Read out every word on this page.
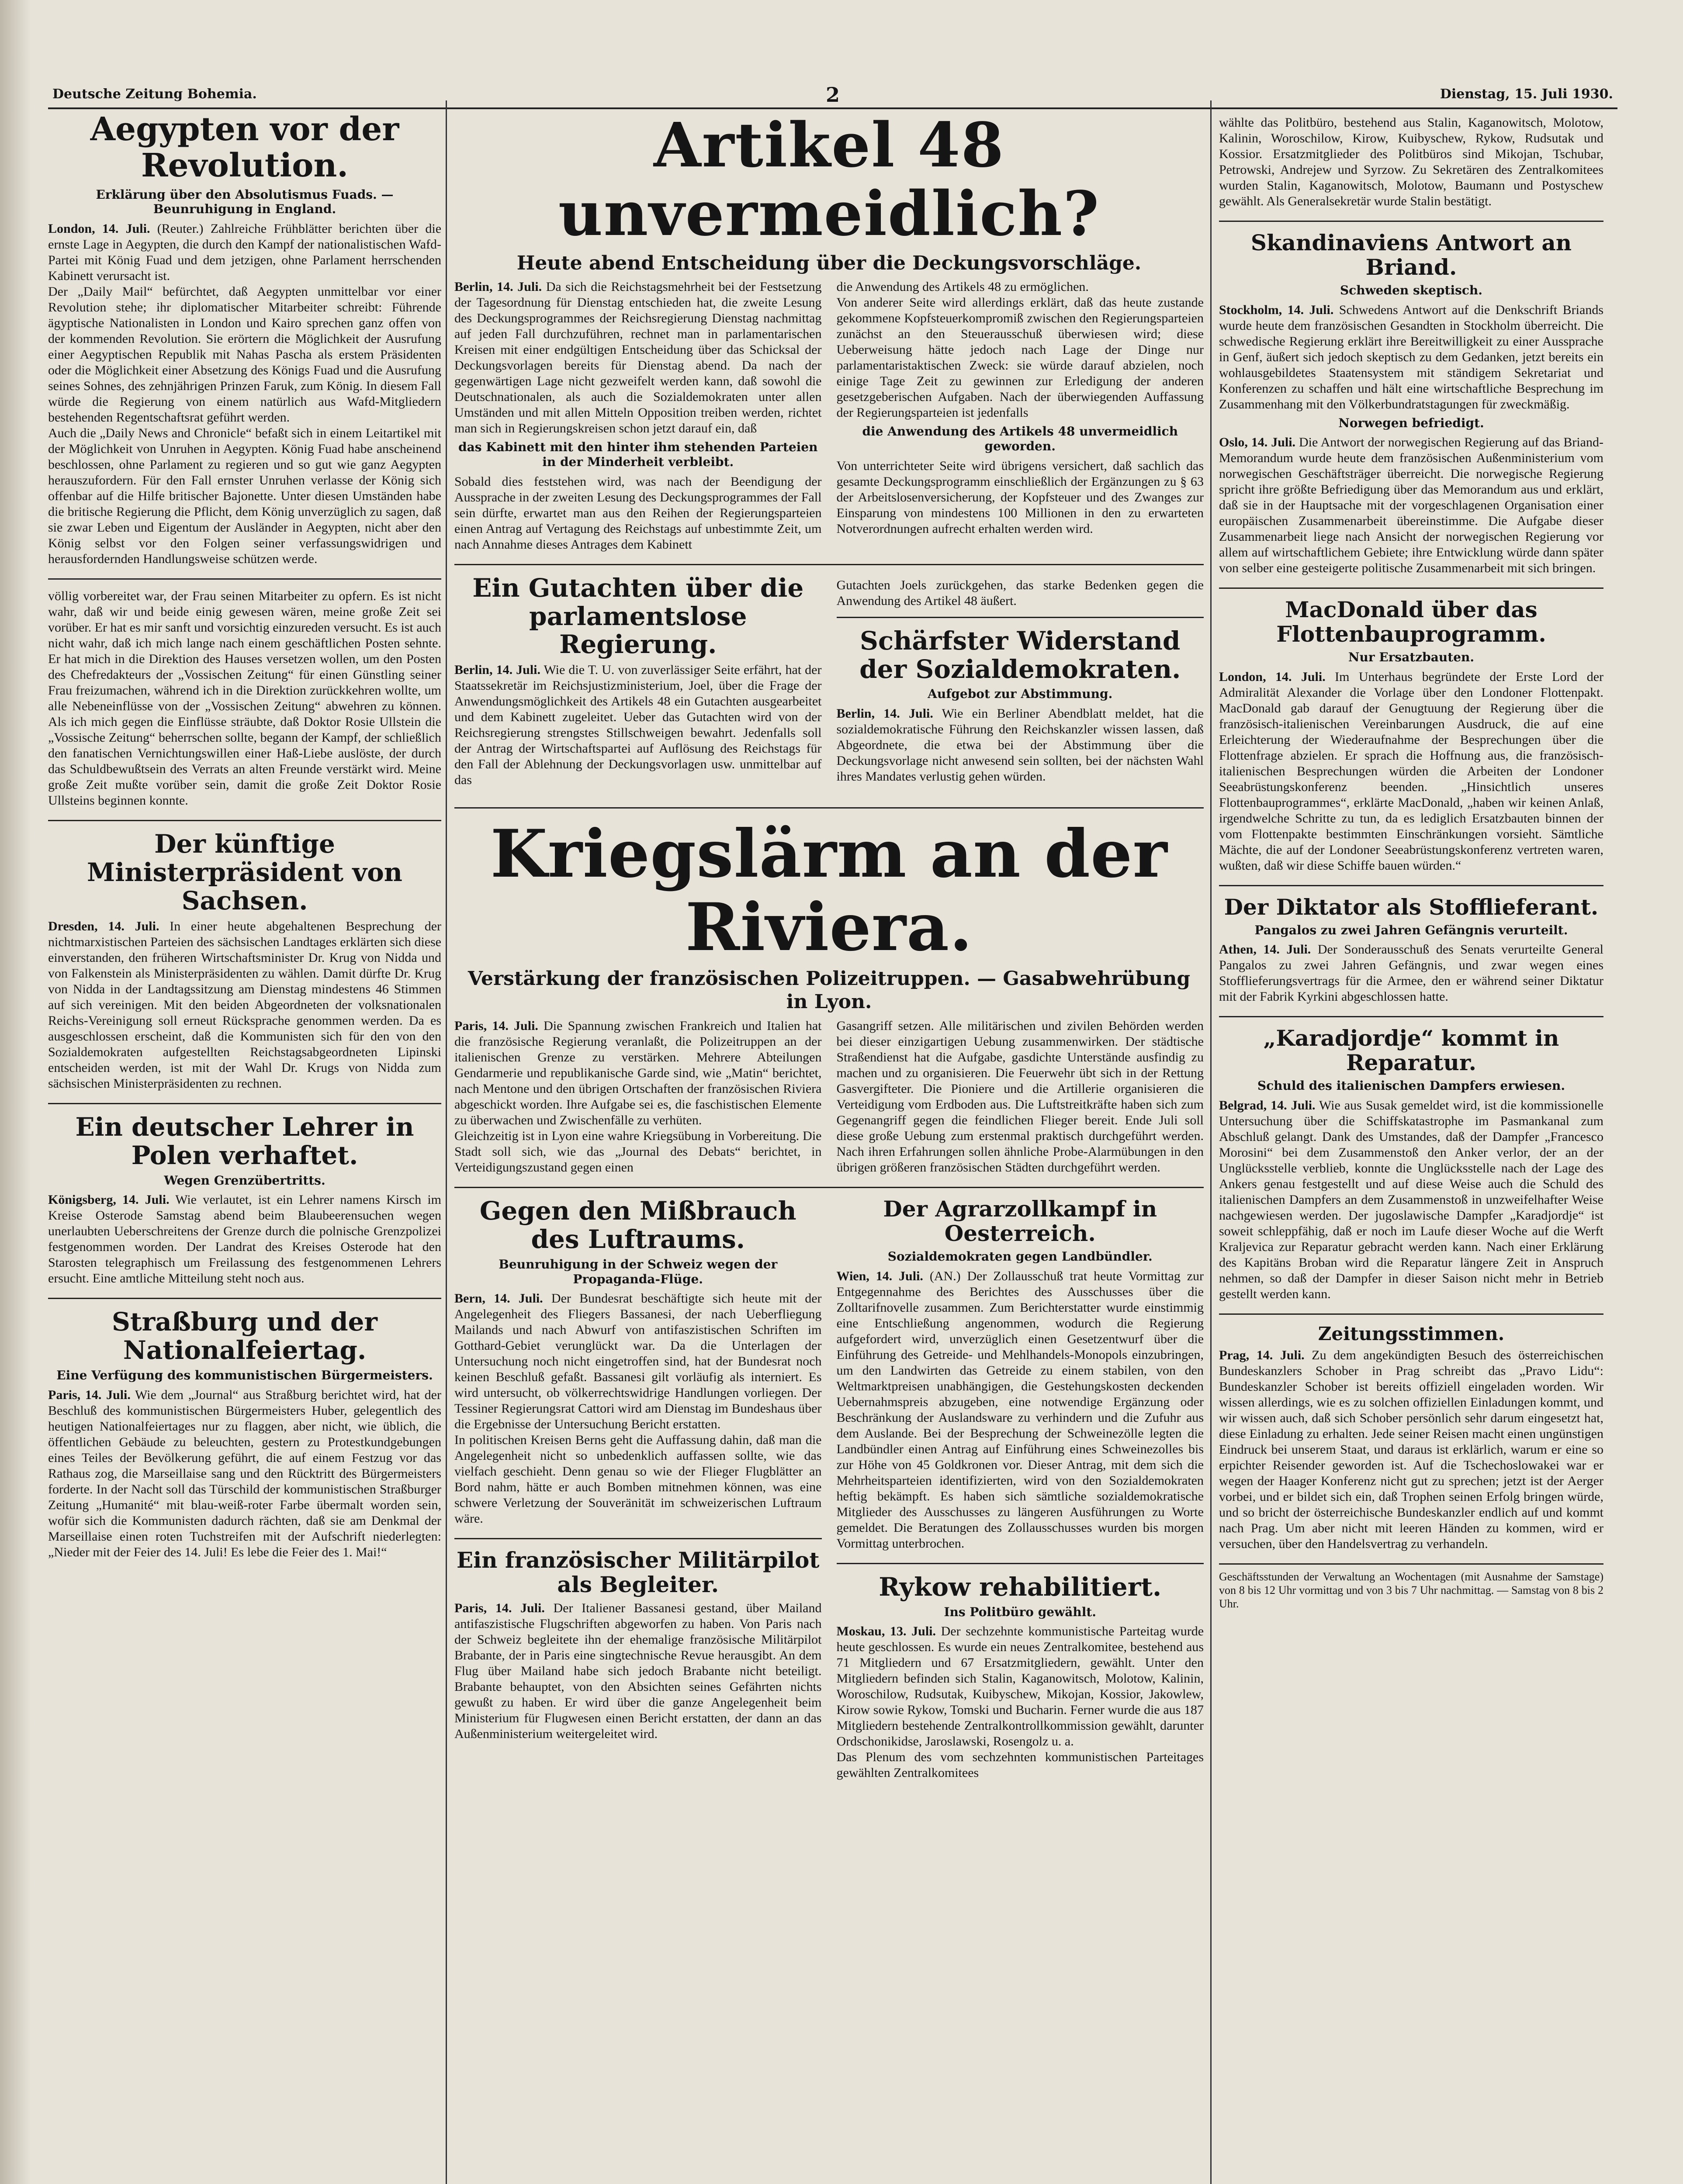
Deutsche Zeitung Bohemia.	2	Dienstag, 15. Juli 1930.
Aegypten vor der Revolution.
Erklärung über den Absolutismus Fuads. — Beunruhigung in England.

London, 14. Juli. (Reuter.) Zahlreiche Frühblätter berichten über die ernste Lage in Aegypten, die durch den Kampf der nationalistischen Wafd-Partei mit König Fuad und dem jetzigen, ohne Parlament herrschenden Kabinett verursacht ist.

Der „Daily Mail“ befürchtet, daß Aegypten unmittelbar vor einer Revolution stehe; ihr diplomatischer Mitarbeiter schreibt: Führende ägyptische Nationalisten in London und Kairo sprechen ganz offen von der kommenden Revolution. Sie erörtern die Möglichkeit der Ausrufung einer Aegyptischen Republik mit Nahas Pascha als erstem Präsidenten oder die Möglichkeit einer Absetzung des Königs Fuad und die Ausrufung seines Sohnes, des zehnjährigen Prinzen Faruk, zum König. In diesem Fall würde die Regierung von einem natürlich aus Wafd-Mitgliedern bestehenden Regentschaftsrat geführt werden.

Auch die „Daily News and Chronicle“ befaßt sich in einem Leitartikel mit der Möglichkeit von Unruhen in Aegypten. König Fuad habe anscheinend beschlossen, ohne Parlament zu regieren und so gut wie ganz Aegypten herauszufordern. Für den Fall ernster Unruhen verlasse der König sich offenbar auf die Hilfe britischer Bajonette. Unter diesen Umständen habe die britische Regierung die Pflicht, dem König unverzüglich zu sagen, daß sie zwar Leben und Eigentum der Ausländer in Aegypten, nicht aber den König selbst vor den Folgen seiner verfassungswidrigen und herausfordernden Handlungsweise schützen werde.

völlig vorbereitet war, der Frau seinen Mitarbeiter zu opfern. Es ist nicht wahr, daß wir und beide einig gewesen wären, meine große Zeit sei vorüber. Er hat es mir sanft und vorsichtig einzureden versucht. Es ist auch nicht wahr, daß ich mich lange nach einem geschäftlichen Posten sehnte. Er hat mich in die Direktion des Hauses versetzen wollen, um den Posten des Chefredakteurs der „Vossischen Zeitung“ für einen Günstling seiner Frau freizumachen, während ich in die Direktion zurückkehren wollte, um alle Nebeneinflüsse von der „Vossischen Zeitung“ abwehren zu können. Als ich mich gegen die Einflüsse sträubte, daß Doktor Rosie Ullstein die „Vossische Zeitung“ beherrschen sollte, begann der Kampf, der schließlich den fanatischen Vernichtungswillen einer Haß-Liebe auslöste, der durch das Schuldbewußtsein des Verrats an alten Freunde verstärkt wird. Meine große Zeit mußte vorüber sein, damit die große Zeit Doktor Rosie Ullsteins beginnen konnte.

Der künftige Ministerpräsident von Sachsen.

Dresden, 14. Juli. In einer heute abgehaltenen Besprechung der nichtmarxistischen Parteien des sächsischen Landtages erklärten sich diese einverstanden, den früheren Wirtschaftsminister Dr. Krug von Nidda und von Falkenstein als Ministerpräsidenten zu wählen. Damit dürfte Dr. Krug von Nidda in der Landtagssitzung am Dienstag mindestens 46 Stimmen auf sich vereinigen. Mit den beiden Abgeordneten der volksnationalen Reichs-Vereinigung soll erneut Rücksprache genommen werden. Da es ausgeschlossen erscheint, daß die Kommunisten sich für den von den Sozialdemokraten aufgestellten Reichstagsabgeordneten Lipinski entscheiden werden, ist mit der Wahl Dr. Krugs von Nidda zum sächsischen Ministerpräsidenten zu rechnen.

Ein deutscher Lehrer in Polen verhaftet.
Wegen Grenzübertritts.

Königsberg, 14. Juli. Wie verlautet, ist ein Lehrer namens Kirsch im Kreise Osterode Samstag abend beim Blaubeerensuchen wegen unerlaubten Ueberschreitens der Grenze durch die polnische Grenzpolizei festgenommen worden. Der Landrat des Kreises Osterode hat den Starosten telegraphisch um Freilassung des festgenommenen Lehrers ersucht. Eine amtliche Mitteilung steht noch aus.

Straßburg und der Nationalfeiertag.
Eine Verfügung des kommunistischen Bürgermeisters.

Paris, 14. Juli. Wie dem „Journal“ aus Straßburg berichtet wird, hat der Beschluß des kommunistischen Bürgermeisters Huber, gelegentlich des heutigen Nationalfeiertages nur zu flaggen, aber nicht, wie üblich, die öffentlichen Gebäude zu beleuchten, gestern zu Protestkundgebungen eines Teiles der Bevölkerung geführt, die auf einem Festzug vor das Rathaus zog, die Marseillaise sang und den Rücktritt des Bürgermeisters forderte. In der Nacht soll das Türschild der kommunistischen Straßburger Zeitung „Humanité“ mit blau-weiß-roter Farbe übermalt worden sein, wofür sich die Kommunisten dadurch rächten, daß sie am Denkmal der Marseillaise einen roten Tuchstreifen mit der Aufschrift niederlegten: „Nieder mit der Feier des 14. Juli! Es lebe die Feier des 1. Mai!“

Artikel 48 unvermeidlich?
Heute abend Entscheidung über die Deckungsvorschläge.

Berlin, 14. Juli. Da sich die Reichstagsmehrheit bei der Festsetzung der Tagesordnung für Dienstag entschieden hat, die zweite Lesung des Deckungsprogrammes der Reichsregierung Dienstag nachmittag auf jeden Fall durchzuführen, rechnet man in parlamentarischen Kreisen mit einer endgültigen Entscheidung über das Schicksal der Deckungsvorlagen bereits für Dienstag abend. Da nach der gegenwärtigen Lage nicht gezweifelt werden kann, daß sowohl die Deutschnationalen, als auch die Sozialdemokraten unter allen Umständen und mit allen Mitteln Opposition treiben werden, richtet man sich in Regierungskreisen schon jetzt darauf ein, daß

das Kabinett mit den hinter ihm stehenden Parteien in der Minderheit verbleibt.

Sobald dies feststehen wird, was nach der Beendigung der Aussprache in der zweiten Lesung des Deckungsprogrammes der Fall sein dürfte, erwartet man aus den Reihen der Regierungsparteien einen Antrag auf Vertagung des Reichstags auf unbestimmte Zeit, um nach Annahme dieses Antrages dem Kabinett

die Anwendung des Artikels 48 zu ermöglichen.

Von anderer Seite wird allerdings erklärt, daß das heute zustande gekommene Kopfsteuerkompromiß zwischen den Regierungsparteien zunächst an den Steuerausschuß überwiesen wird; diese Ueberweisung hätte jedoch nach Lage der Dinge nur parlamentaristaktischen Zweck: sie würde darauf abzielen, noch einige Tage Zeit zu gewinnen zur Erledigung der anderen gesetzgeberischen Aufgaben. Nach der überwiegenden Auffassung der Regierungsparteien ist jedenfalls

die Anwendung des Artikels 48 unvermeidlich geworden.

Von unterrichteter Seite wird übrigens versichert, daß sachlich das gesamte Deckungsprogramm einschließlich der Ergänzungen zu § 63 der Arbeitslosenversicherung, der Kopfsteuer und des Zwanges zur Einsparung von mindestens 100 Millionen in den zu erwarteten Notverordnungen aufrecht erhalten werden wird.

Ein Gutachten über die parlamentslose Regierung.

Berlin, 14. Juli. Wie die T. U. von zuverlässiger Seite erfährt, hat der Staatssekretär im Reichsjustizministerium, Joel, über die Frage der Anwendungsmöglichkeit des Artikels 48 ein Gutachten ausgearbeitet und dem Kabinett zugeleitet. Ueber das Gutachten wird von der Reichsregierung strengstes Stillschweigen bewahrt. Jedenfalls soll der Antrag der Wirtschaftspartei auf Auflösung des Reichstags für den Fall der Ablehnung der Deckungsvorlagen usw. unmittelbar auf das

Gutachten Joels zurückgehen, das starke Bedenken gegen die Anwendung des Artikel 48 äußert.

Schärfster Widerstand der Sozialdemokraten.
Aufgebot zur Abstimmung.

Berlin, 14. Juli. Wie ein Berliner Abendblatt meldet, hat die sozialdemokratische Führung den Reichskanzler wissen lassen, daß Abgeordnete, die etwa bei der Abstimmung über die Deckungsvorlage nicht anwesend sein sollten, bei der nächsten Wahl ihres Mandates verlustig gehen würden.

Kriegslärm an der Riviera.
Verstärkung der französischen Polizeitruppen. — Gasabwehrübung in Lyon.

Paris, 14. Juli. Die Spannung zwischen Frankreich und Italien hat die französische Regierung veranlaßt, die Polizeitruppen an der italienischen Grenze zu verstärken. Mehrere Abteilungen Gendarmerie und republikanische Garde sind, wie „Matin“ berichtet, nach Mentone und den übrigen Ortschaften der französischen Riviera abgeschickt worden. Ihre Aufgabe sei es, die faschistischen Elemente zu überwachen und Zwischenfälle zu verhüten.

Gleichzeitig ist in Lyon eine wahre Kriegsübung in Vorbereitung. Die Stadt soll sich, wie das „Journal des Debats“ berichtet, in Verteidigungszustand gegen einen

Gasangriff setzen. Alle militärischen und zivilen Behörden werden bei dieser einzigartigen Uebung zusammenwirken. Der städtische Straßendienst hat die Aufgabe, gasdichte Unterstände ausfindig zu machen und zu organisieren. Die Feuerwehr übt sich in der Rettung Gasvergifteter. Die Pioniere und die Artillerie organisieren die Verteidigung vom Erdboden aus. Die Luftstreitkräfte haben sich zum Gegenangriff gegen die feindlichen Flieger bereit. Ende Juli soll diese große Uebung zum erstenmal praktisch durchgeführt werden. Nach ihren Erfahrungen sollen ähnliche Probe-Alarmübungen in den übrigen größeren französischen Städten durchgeführt werden.

Gegen den Mißbrauch des Luftraums.
Beunruhigung in der Schweiz wegen der Propaganda-Flüge.

Bern, 14. Juli. Der Bundesrat beschäftigte sich heute mit der Angelegenheit des Fliegers Bassanesi, der nach Ueberfliegung Mailands und nach Abwurf von antifaszistischen Schriften im Gotthard-Gebiet verunglückt war. Da die Unterlagen der Untersuchung noch nicht eingetroffen sind, hat der Bundesrat noch keinen Beschluß gefaßt. Bassanesi gilt vorläufig als interniert. Es wird untersucht, ob völkerrechtswidrige Handlungen vorliegen. Der Tessiner Regierungsrat Cattori wird am Dienstag im Bundeshaus über die Ergebnisse der Untersuchung Bericht erstatten.

In politischen Kreisen Berns geht die Auffassung dahin, daß man die Angelegenheit nicht so unbedenklich auffassen sollte, wie das vielfach geschieht. Denn genau so wie der Flieger Flugblätter an Bord nahm, hätte er auch Bomben mitnehmen können, was eine schwere Verletzung der Souveränität im schweizerischen Luftraum wäre.

Ein französischer Militärpilot als Begleiter.

Paris, 14. Juli. Der Italiener Bassanesi gestand, über Mailand antifaszistische Flugschriften abgeworfen zu haben. Von Paris nach der Schweiz begleitete ihn der ehemalige französische Militärpilot Brabante, der in Paris eine singtechnische Revue herausgibt. An dem Flug über Mailand habe sich jedoch Brabante nicht beteiligt. Brabante behauptet, von den Absichten seines Gefährten nichts gewußt zu haben. Er wird über die ganze Angelegenheit beim Ministerium für Flugwesen einen Bericht erstatten, der dann an das Außenministerium weitergeleitet wird.

Der Agrarzollkampf in Oesterreich.
Sozialdemokraten gegen Landbündler.

Wien, 14. Juli. (AN.) Der Zollausschuß trat heute Vormittag zur Entgegennahme des Berichtes des Ausschusses über die Zolltarifnovelle zusammen. Zum Berichterstatter wurde einstimmig eine Entschließung angenommen, wodurch die Regierung aufgefordert wird, unverzüglich einen Gesetzentwurf über die Einführung des Getreide- und Mehlhandels-Monopols einzubringen, um den Landwirten das Getreide zu einem stabilen, von den Weltmarktpreisen unabhängigen, die Gestehungskosten deckenden Uebernahmspreis abzugeben, eine notwendige Ergänzung oder Beschränkung der Auslandsware zu verhindern und die Zufuhr aus dem Auslande. Bei der Besprechung der Schweinezölle legten die Landbündler einen Antrag auf Einführung eines Schweinezolles bis zur Höhe von 45 Goldkronen vor. Dieser Antrag, mit dem sich die Mehrheitsparteien identifizierten, wird von den Sozialdemokraten heftig bekämpft. Es haben sich sämtliche sozialdemokratische Mitglieder des Ausschusses zu längeren Ausführungen zu Worte gemeldet. Die Beratungen des Zollausschusses wurden bis morgen Vormittag unterbrochen.

Rykow rehabilitiert.
Ins Politbüro gewählt.

Moskau, 13. Juli. Der sechzehnte kommunistische Parteitag wurde heute geschlossen. Es wurde ein neues Zentralkomitee, bestehend aus 71 Mitgliedern und 67 Ersatzmitgliedern, gewählt. Unter den Mitgliedern befinden sich Stalin, Kaganowitsch, Molotow, Kalinin, Woroschilow, Rudsutak, Kuibyschew, Mikojan, Kossior, Jakowlew, Kirow sowie Rykow, Tomski und Bucharin. Ferner wurde die aus 187 Mitgliedern bestehende Zentralkontrollkommission gewählt, darunter Ordschonikidse, Jaroslawski, Rosengolz u. a.

Das Plenum des vom sechzehnten kommunistischen Parteitages gewählten Zentralkomitees

wählte das Politbüro, bestehend aus Stalin, Kaganowitsch, Molotow, Kalinin, Woroschilow, Kirow, Kuibyschew, Rykow, Rudsutak und Kossior. Ersatzmitglieder des Politbüros sind Mikojan, Tschubar, Petrowski, Andrejew und Syrzow. Zu Sekretären des Zentralkomitees wurden Stalin, Kaganowitsch, Molotow, Baumann und Postyschew gewählt. Als Generalsekretär wurde Stalin bestätigt.

Skandinaviens Antwort an Briand.
Schweden skeptisch.

Stockholm, 14. Juli. Schwedens Antwort auf die Denkschrift Briands wurde heute dem französischen Gesandten in Stockholm überreicht. Die schwedische Regierung erklärt ihre Bereitwilligkeit zu einer Aussprache in Genf, äußert sich jedoch skeptisch zu dem Gedanken, jetzt bereits ein wohlausgebildetes Staatensystem mit ständigem Sekretariat und Konferenzen zu schaffen und hält eine wirtschaftliche Besprechung im Zusammenhang mit den Völkerbundratstagungen für zweckmäßig.

Norwegen befriedigt.

Oslo, 14. Juli. Die Antwort der norwegischen Regierung auf das Briand-Memorandum wurde heute dem französischen Außenministerium vom norwegischen Geschäftsträger überreicht. Die norwegische Regierung spricht ihre größte Befriedigung über das Memorandum aus und erklärt, daß sie in der Hauptsache mit der vorgeschlagenen Organisation einer europäischen Zusammenarbeit übereinstimme. Die Aufgabe dieser Zusammenarbeit liege nach Ansicht der norwegischen Regierung vor allem auf wirtschaftlichem Gebiete; ihre Entwicklung würde dann später von selber eine gesteigerte politische Zusammenarbeit mit sich bringen.

MacDonald über das Flottenbauprogramm.
Nur Ersatzbauten.

London, 14. Juli. Im Unterhaus begründete der Erste Lord der Admiralität Alexander die Vorlage über den Londoner Flottenpakt. MacDonald gab darauf der Genugtuung der Regierung über die französisch-italienischen Vereinbarungen Ausdruck, die auf eine Erleichterung der Wiederaufnahme der Besprechungen über die Flottenfrage abzielen. Er sprach die Hoffnung aus, die französisch-italienischen Besprechungen würden die Arbeiten der Londoner Seeabrüstungskonferenz beenden. „Hinsichtlich unseres Flottenbauprogrammes“, erklärte MacDonald, „haben wir keinen Anlaß, irgendwelche Schritte zu tun, da es lediglich Ersatzbauten binnen der vom Flottenpakte bestimmten Einschränkungen vorsieht. Sämtliche Mächte, die auf der Londoner Seeabrüstungskonferenz vertreten waren, wußten, daß wir diese Schiffe bauen würden.“

Der Diktator als Stofflieferant.
Pangalos zu zwei Jahren Gefängnis verurteilt.

Athen, 14. Juli. Der Sonderausschuß des Senats verurteilte General Pangalos zu zwei Jahren Gefängnis, und zwar wegen eines Stofflieferungsvertrags für die Armee, den er während seiner Diktatur mit der Fabrik Kyrkini abgeschlossen hatte.

„Karadjordje“ kommt in Reparatur.
Schuld des italienischen Dampfers erwiesen.

Belgrad, 14. Juli. Wie aus Susak gemeldet wird, ist die kommissionelle Untersuchung über die Schiffskatastrophe im Pasmankanal zum Abschluß gelangt. Dank des Umstandes, daß der Dampfer „Francesco Morosini“ bei dem Zusammenstoß den Anker verlor, der an der Unglücksstelle verblieb, konnte die Unglücksstelle nach der Lage des Ankers genau festgestellt und auf diese Weise auch die Schuld des italienischen Dampfers an dem Zusammenstoß in unzweifelhafter Weise nachgewiesen werden. Der jugoslawische Dampfer „Karadjordje“ ist soweit schleppfähig, daß er noch im Laufe dieser Woche auf die Werft Kraljevica zur Reparatur gebracht werden kann. Nach einer Erklärung des Kapitäns Broban wird die Reparatur längere Zeit in Anspruch nehmen, so daß der Dampfer in dieser Saison nicht mehr in Betrieb gestellt werden kann.

Zeitungsstimmen.

Prag, 14. Juli. Zu dem angekündigten Besuch des österreichischen Bundeskanzlers Schober in Prag schreibt das „Pravo Lidu“: Bundeskanzler Schober ist bereits offiziell eingeladen worden. Wir wissen allerdings, wie es zu solchen offiziellen Einladungen kommt, und wir wissen auch, daß sich Schober persönlich sehr darum eingesetzt hat, diese Einladung zu erhalten. Jede seiner Reisen macht einen ungünstigen Eindruck bei unserem Staat, und daraus ist erklärlich, warum er eine so erpichter Reisender geworden ist. Auf die Tschechoslowakei war er wegen der Haager Konferenz nicht gut zu sprechen; jetzt ist der Aerger vorbei, und er bildet sich ein, daß Trophen seinen Erfolg bringen würde, und so bricht der österreichische Bundeskanzler endlich auf und kommt nach Prag. Um aber nicht mit leeren Händen zu kommen, wird er versuchen, über den Handelsvertrag zu verhandeln.

Geschäftsstunden der Verwaltung an Wochentagen (mit Ausnahme der Samstage) von 8 bis 12 Uhr vormittag und von 3 bis 7 Uhr nachmittag. — Samstag von 8 bis 2 Uhr.
